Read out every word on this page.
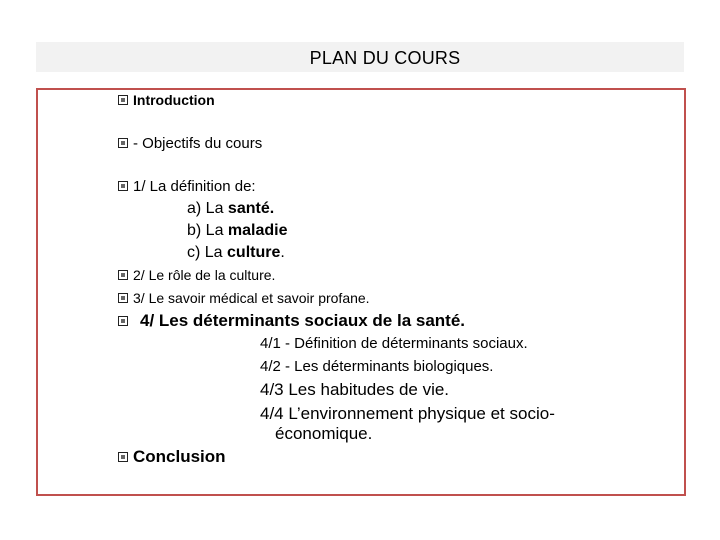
PLAN DU COURS
Introduction
- Objectifs du cours
1/ La définition de:
a) La santé.
b) La maladie
c) La culture.
2/ Le rôle de la culture.
3/ Le savoir médical et savoir profane.
4/ Les déterminants sociaux de la santé.
4/1 - Définition de déterminants sociaux.
4/2 - Les déterminants biologiques.
4/3 Les habitudes de vie.
4/4 L’environnement physique et socio-
économique.
Conclusion
